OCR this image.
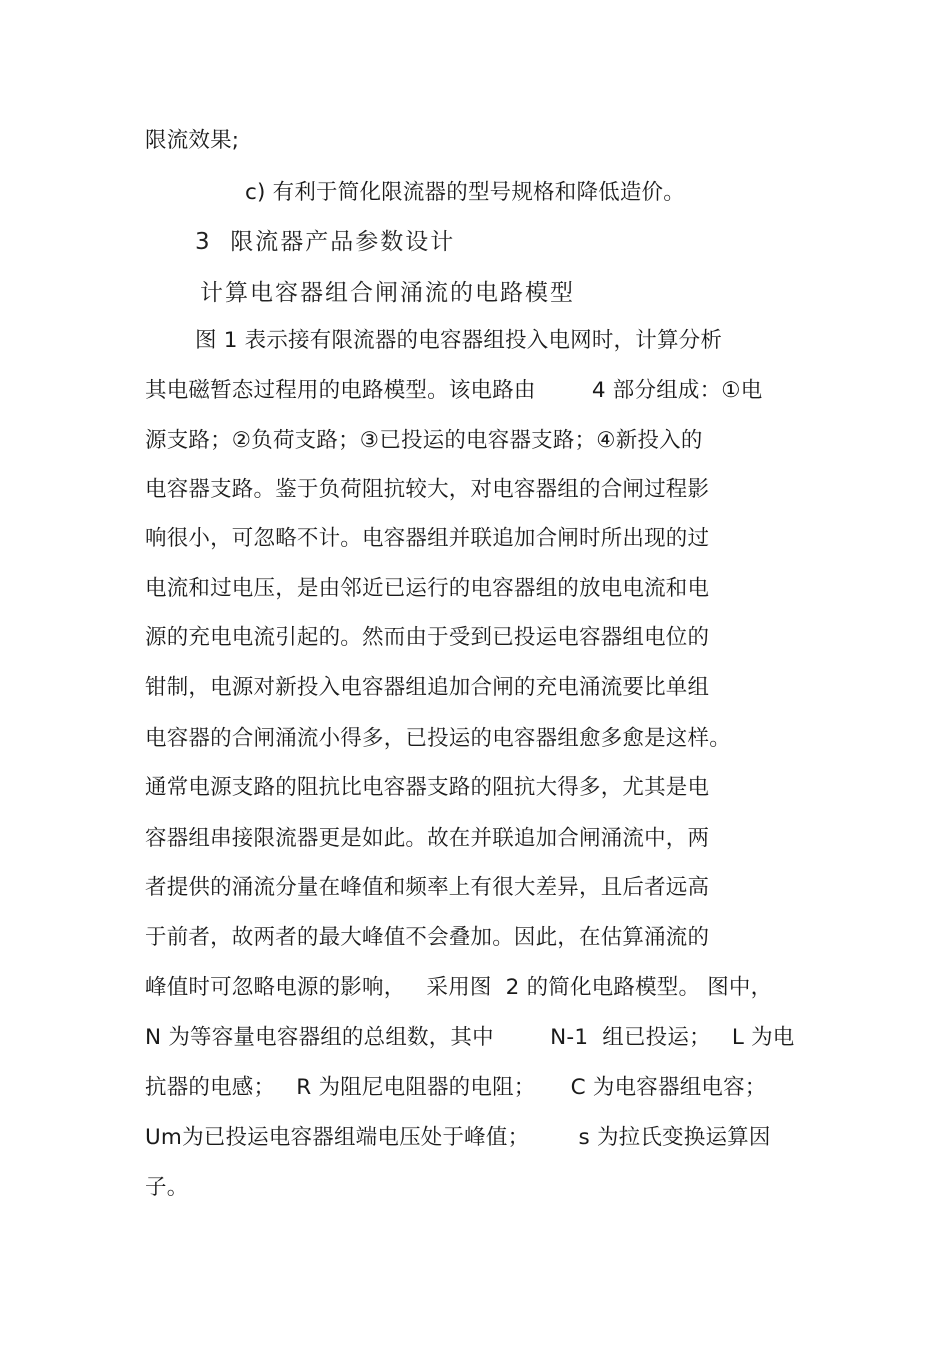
限流效果;
c) 有利于简化限流器的型号规格和降低造价。
3  限流器产品参数设计
计算电容器组合闸涌流的电路模型
图 1 表示接有限流器的电容器组投入电网时，计算分析
其电磁暂态过程用的电路模型。该电路由        4 部分组成：①电
源支路；②负荷支路；③已投运的电容器支路；④新投入的
电容器支路。鉴于负荷阻抗较大，对电容器组的合闸过程影
响很小，可忽略不计。电容器组并联追加合闸时所出现的过
电流和过电压，是由邻近已运行的电容器组的放电电流和电
源的充电电流引起的。然而由于受到已投运电容器组电位的
钳制，电源对新投入电容器组追加合闸的充电涌流要比单组
电容器的合闸涌流小得多，已投运的电容器组愈多愈是这样。
通常电源支路的阻抗比电容器支路的阻抗大得多，尤其是电
容器组串接限流器更是如此。故在并联追加合闸涌流中，两
者提供的涌流分量在峰值和频率上有很大差异，且后者远高
于前者，故两者的最大峰值不会叠加。因此，在估算涌流的
峰值时可忽略电源的影响，   采用图  2 的简化电路模型。 图中，
N 为等容量电容器组的总组数，其中        N-1  组已投运；   L 为电
抗器的电感；   R 为阻尼电阻器的电阻；     C 为电容器组电容；
Um为已投运电容器组端电压处于峰值；       s 为拉氏变换运算因
子。
